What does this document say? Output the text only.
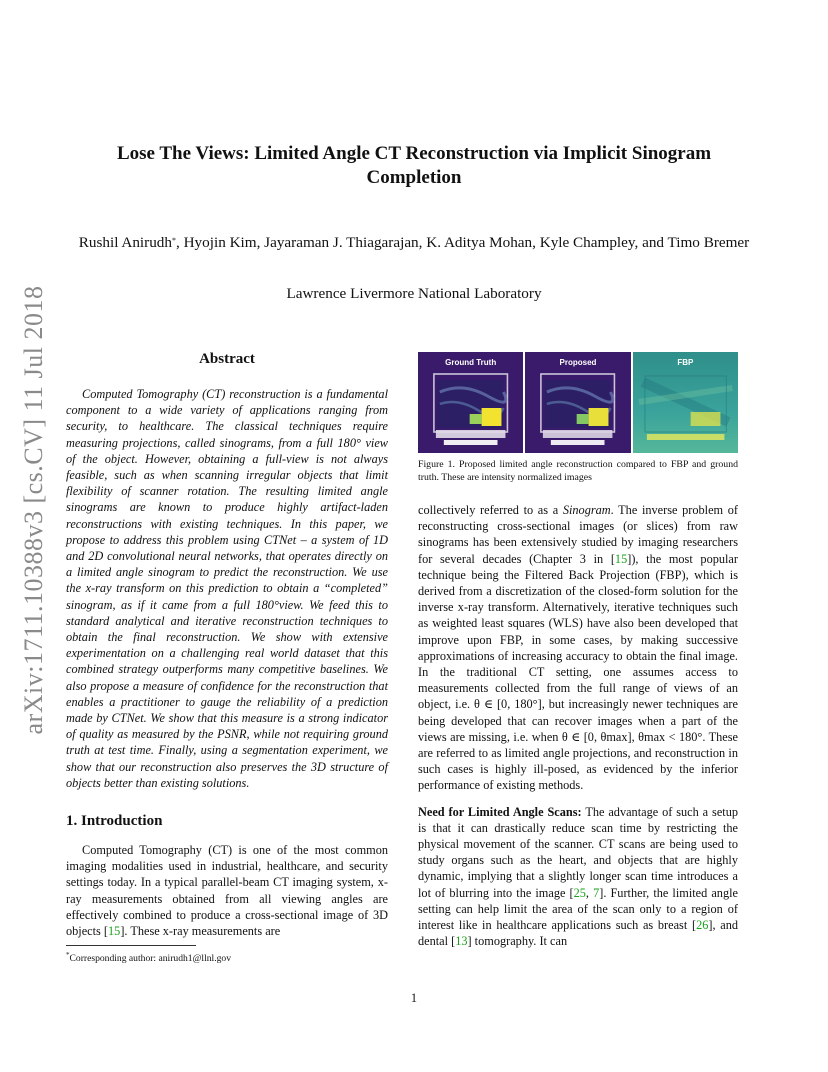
arXiv:1711.10388v3 [cs.CV] 11 Jul 2018
Lose The Views: Limited Angle CT Reconstruction via Implicit Sinogram Completion
Rushil Anirudh*, Hyojin Kim, Jayaraman J. Thiagarajan, K. Aditya Mohan, Kyle Champley, and Timo Bremer
Lawrence Livermore National Laboratory
Abstract

Computed Tomography (CT) reconstruction is a fundamental component to a wide variety of applications ranging from security, to healthcare. The classical techniques require measuring projections, called sinograms, from a full 180° view of the object. However, obtaining a full-view is not always feasible, such as when scanning irregular objects that limit flexibility of scanner rotation. The resulting limited angle sinograms are known to produce highly artifact-laden reconstructions with existing techniques. In this paper, we propose to address this problem using CTNet – a system of 1D and 2D convolutional neural networks, that operates directly on a limited angle sinogram to predict the reconstruction. We use the x-ray transform on this prediction to obtain a “completed” sinogram, as if it came from a full 180°view. We feed this to standard analytical and iterative reconstruction techniques to obtain the final reconstruction. We show with extensive experimentation on a challenging real world dataset that this combined strategy outperforms many competitive baselines. We also propose a measure of confidence for the reconstruction that enables a practitioner to gauge the reliability of a prediction made by CTNet. We show that this measure is a strong indicator of quality as measured by the PSNR, while not requiring ground truth at test time. Finally, using a segmentation experiment, we show that our reconstruction also preserves the 3D structure of objects better than existing solutions.

1. Introduction

Computed Tomography (CT) is one of the most common imaging modalities used in industrial, healthcare, and security settings today. In a typical parallel-beam CT imaging system, x-ray measurements obtained from all viewing angles are effectively combined to produce a cross-sectional image of 3D objects [15]. These x-ray measurements are

*Corresponding author: anirudh1@llnl.gov
Ground Truth	Proposed	FBP
Figure 1. Proposed limited angle reconstruction compared to FBP and ground truth. These are intensity normalized images

collectively referred to as a Sinogram. The inverse problem of reconstructing cross-sectional images (or slices) from raw sinograms has been extensively studied by imaging researchers for several decades (Chapter 3 in [15]), the most popular technique being the Filtered Back Projection (FBP), which is derived from a discretization of the closed-form solution for the inverse x-ray transform. Alternatively, iterative techniques such as weighted least squares (WLS) have also been developed that improve upon FBP, in some cases, by making successive approximations of increasing accuracy to obtain the final image. In the traditional CT setting, one assumes access to measurements collected from the full range of views of an object, i.e. θ ∈ [0, 180°], but increasingly newer techniques are being developed that can recover images when a part of the views are missing, i.e. when θ ∈ [0, θmax], θmax < 180°. These are referred to as limited angle projections, and reconstruction in such cases is highly ill-posed, as evidenced by the inferior performance of existing methods.

Need for Limited Angle Scans: The advantage of such a setup is that it can drastically reduce scan time by restricting the physical movement of the scanner. CT scans are being used to study organs such as the heart, and objects that are highly dynamic, implying that a slightly longer scan time introduces a lot of blurring into the image [25, 7]. Further, the limited angle setting can help limit the area of the scan only to a region of interest like in healthcare applications such as breast [26], and dental [13] tomography. It can

1
